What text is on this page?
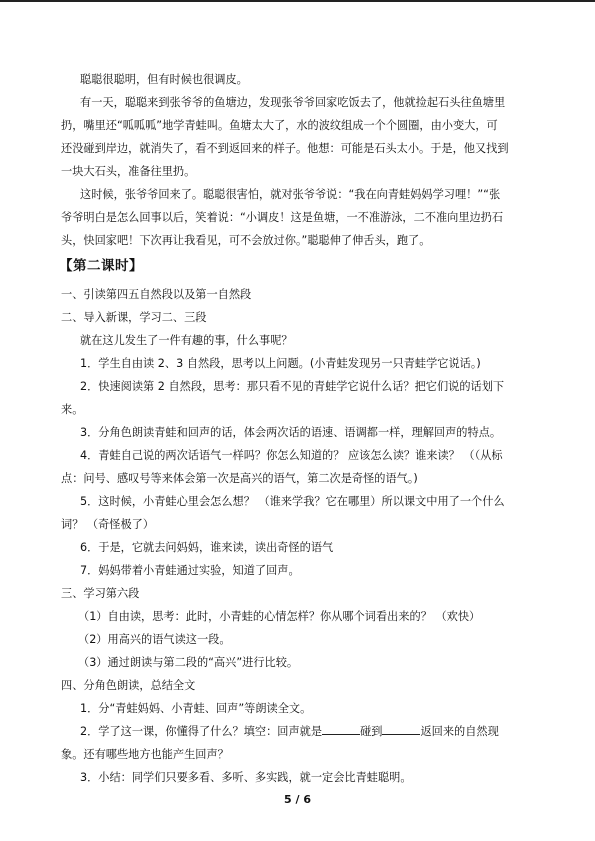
聪聪很聪明，但有时候也很调皮。
有一天，聪聪来到张爷爷的鱼塘边，发现张爷爷回家吃饭去了，他就捡起石头往鱼塘里
扔，嘴里还“呱呱呱”地学青蛙叫。鱼塘太大了，水的波纹组成一个个圆圈，由小变大，可
还没碰到岸边，就消失了，看不到返回来的样子。他想：可能是石头太小。于是，他又找到
一块大石头，准备往里扔。
这时候，张爷爷回来了。聪聪很害怕，就对张爷爷说：“我在向青蛙妈妈学习哩！”“张
爷爷明白是怎么回事以后，笑着说：“小调皮！这是鱼塘，一不准游泳，二不准向里边扔石
头，快回家吧！下次再让我看见，可不会放过你。”聪聪伸了伸舌头，跑了。
【第二课时】
一、引读第四五自然段以及第一自然段
二、导入新课，学习二、三段
就在这儿发生了一件有趣的事，什么事呢？
1．学生自由读 2、3 自然段，思考以上问题。(小青蛙发现另一只青蛙学它说话。)
2．快速阅读第 2 自然段，思考：那只看不见的青蛙学它说什么话？把它们说的话划下
来。
3．分角色朗读青蛙和回声的话，体会两次话的语速、语调都一样，理解回声的特点。
4．青蛙自己说的两次话语气一样吗？你怎么知道的？ 应该怎么读？谁来读？ （（从标
点：问号、感叹号等来体会第一次是高兴的语气，第二次是奇怪的语气。)
5．这时候，小青蛙心里会怎么想？ （谁来学我？它在哪里）所以课文中用了一个什么
词？ （奇怪极了）
6．于是，它就去问妈妈，谁来读，读出奇怪的语气
7．妈妈带着小青蛙通过实验，知道了回声。
三、学习第六段
（1）自由读，思考：此时，小青蛙的心情怎样？你从哪个词看出来的？ （欢快）
（2）用高兴的语气读这一段。
（3）通过朗读与第二段的“高兴”进行比较。
四、分角色朗读，总结全文
1．分“青蛙妈妈、小青蛙、回声”等朗读全文。
2．学了这一课，你懂得了什么？填空：回声就是	碰到	返回来的自然现
象。还有哪些地方也能产生回声？
3．小结：同学们只要多看、多听、多实践，就一定会比青蛙聪明。
5 / 6
